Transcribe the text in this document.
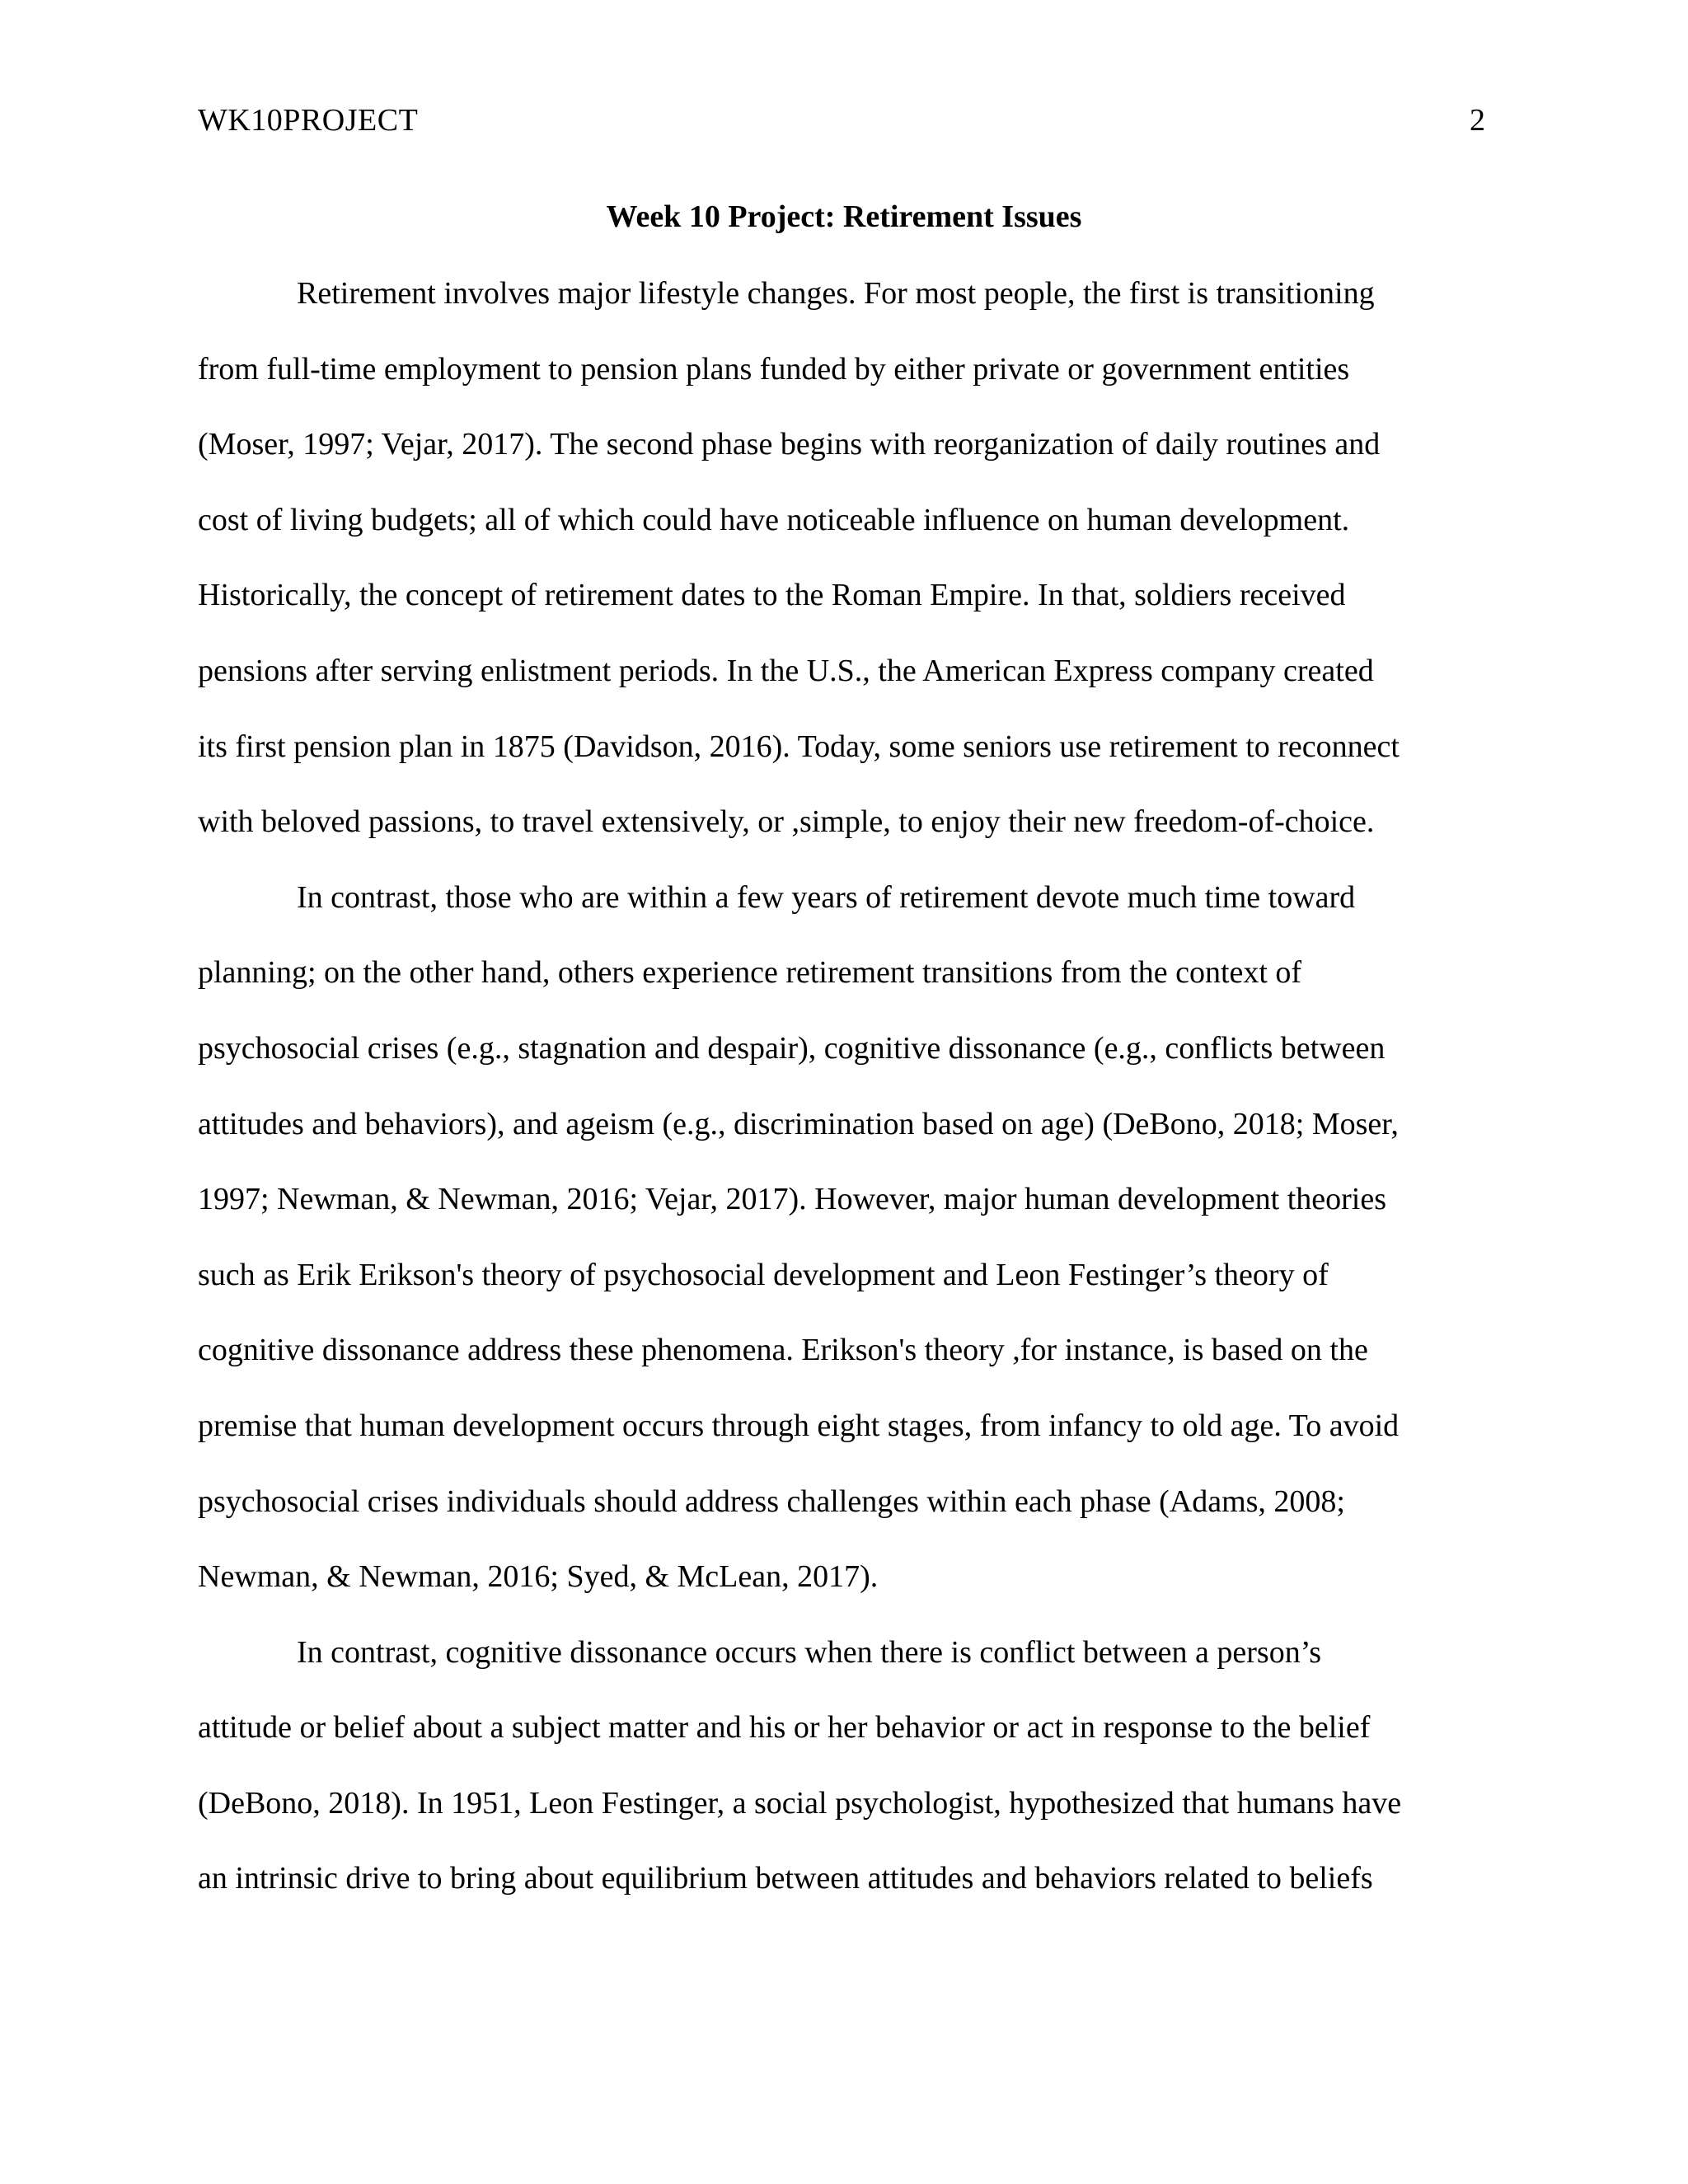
WK10PROJECT	2
Week 10 Project: Retirement Issues
Retirement involves major lifestyle changes. For most people, the first is transitioning
from full-time employment to pension plans funded by either private or government entities
(Moser, 1997; Vejar, 2017). The second phase begins with reorganization of daily routines and
cost of living budgets; all of which could have noticeable influence on human development.
Historically, the concept of retirement dates to the Roman Empire. In that, soldiers received
pensions after serving enlistment periods. In the U.S., the American Express company created
its first pension plan in 1875 (Davidson, 2016). Today, some seniors use retirement to reconnect
with beloved passions, to travel extensively, or ,simple, to enjoy their new freedom-of-choice.
In contrast, those who are within a few years of retirement devote much time toward
planning; on the other hand, others experience retirement transitions from the context of
psychosocial crises (e.g., stagnation and despair), cognitive dissonance (e.g., conflicts between
attitudes and behaviors), and ageism (e.g., discrimination based on age) (DeBono, 2018; Moser,
1997; Newman, & Newman, 2016; Vejar, 2017). However, major human development theories
such as Erik Erikson's theory of psychosocial development and Leon Festinger’s theory of
cognitive dissonance address these phenomena. Erikson's theory ,for instance, is based on the
premise that human development occurs through eight stages, from infancy to old age. To avoid
psychosocial crises individuals should address challenges within each phase (Adams, 2008;
Newman, & Newman, 2016; Syed, & McLean, 2017).
In contrast, cognitive dissonance occurs when there is conflict between a person’s
attitude or belief about a subject matter and his or her behavior or act in response to the belief
(DeBono, 2018). In 1951, Leon Festinger, a social psychologist, hypothesized that humans have
an intrinsic drive to bring about equilibrium between attitudes and behaviors related to beliefs
